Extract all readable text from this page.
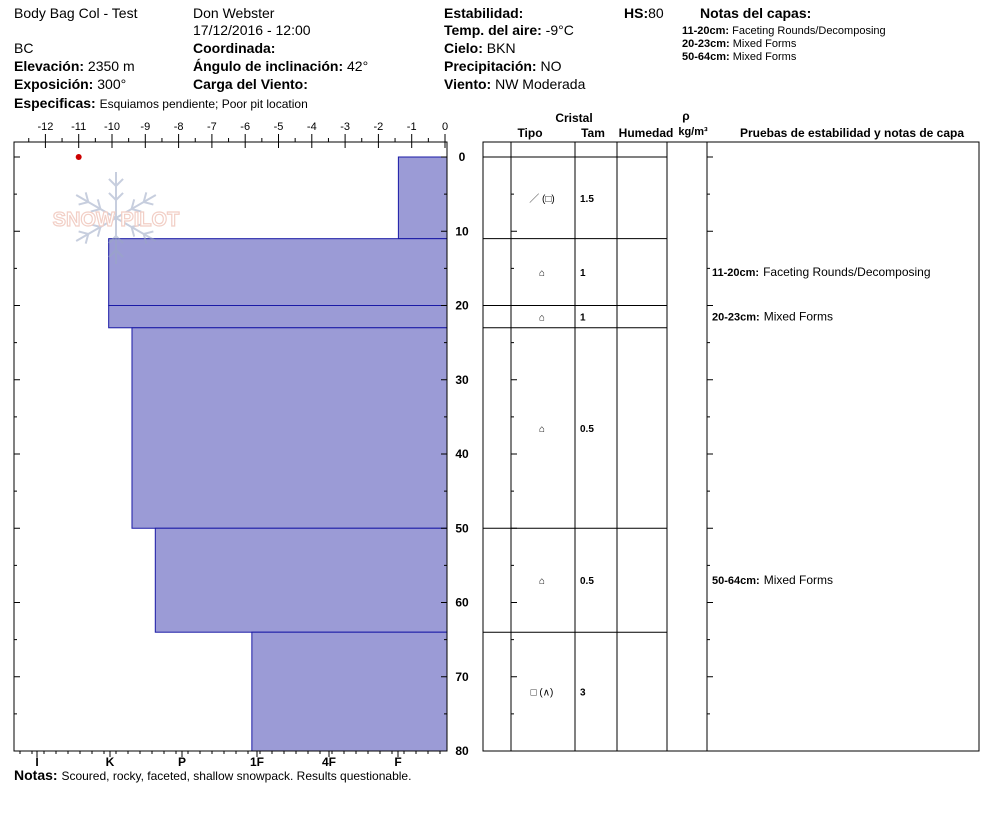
Body Bag Col - Test	Don Webster
17/12/2016 - 12:00
BC
Elevación: 2350 m
Exposición: 300°
Especificas: Esquiamos pendiente; Poor pit location
Coordinada:
Ángulo de inclinación: 42°
Carga del Viento:
Estabilidad:
Temp. del aire: -9°C
Cielo: BKN
Precipitación: NO
Viento: NW Moderada
HS:80	Notas del capas:
11-20cm: Faceting Rounds/Decomposing
20-23cm: Mixed Forms
50-64cm: Mixed Forms
-12 -11 -10 -9 -8 -7 -6 -5 -4 -3 -2 -1 0
0
10
20
30
40
50
60
70
80
I	K	P	1F	4F	F
／ (□)	1.5
⌂	1	11-20cm: Faceting Rounds/Decomposing
⌂	1	20-23cm: Mixed Forms
⌂	0.5
⌂	0.5	50-64cm: Mixed Forms
□ (∧)	3
SNOW PILOT
Cristal
Tipo	Tam Humedad
ρ
kg/m³	Pruebas de estabilidad y notas de capa
Notas: Scoured, rocky, faceted, shallow snowpack. Results questionable.
